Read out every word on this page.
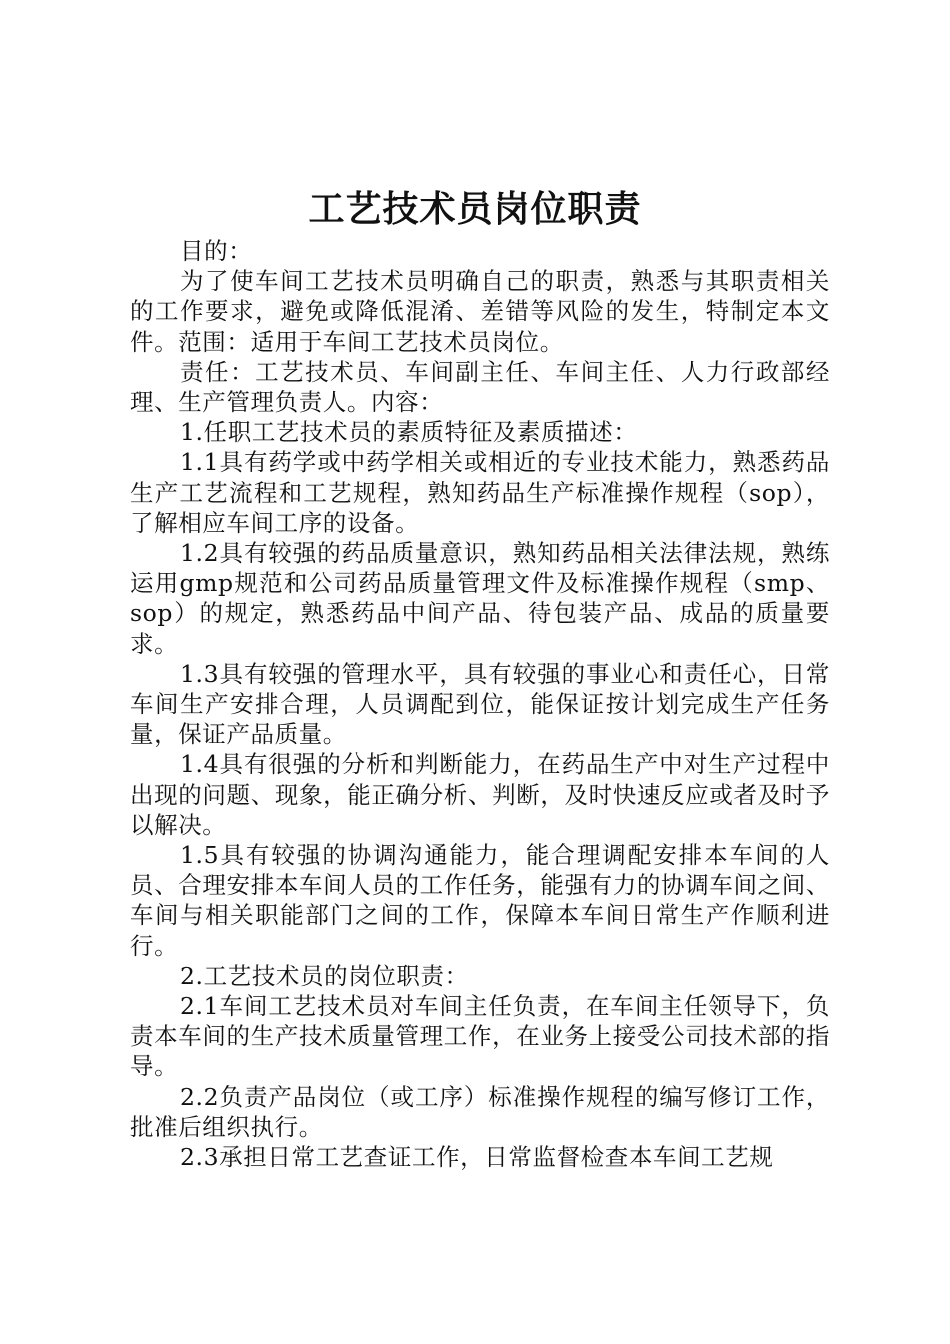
工艺技术员岗位职责

目的：

为了使车间工艺技术员明确自己的职责，熟悉与其职责相关的工作要求，避免或降低混淆、差错等风险的发生，特制定本文件。范围：适用于车间工艺技术员岗位。

责任：工艺技术员、车间副主任、车间主任、人力行政部经理、生产管理负责人。内容：

1.任职工艺技术员的素质特征及素质描述：

1.1具有药学或中药学相关或相近的专业技术能力，熟悉药品生产工艺流程和工艺规程，熟知药品生产标准操作规程（sop），了解相应车间工序的设备。

1.2具有较强的药品质量意识，熟知药品相关法律法规，熟练运用gmp规范和公司药品质量管理文件及标准操作规程（smp、sop）的规定，熟悉药品中间产品、待包装产品、成品的质量要求。

1.3具有较强的管理水平，具有较强的事业心和责任心，日常车间生产安排合理，人员调配到位，能保证按计划完成生产任务量，保证产品质量。

1.4具有很强的分析和判断能力，在药品生产中对生产过程中出现的问题、现象，能正确分析、判断，及时快速反应或者及时予以解决。

1.5具有较强的协调沟通能力，能合理调配安排本车间的人员、合理安排本车间人员的工作任务，能强有力的协调车间之间、车间与相关职能部门之间的工作，保障本车间日常生产作顺利进行。

2.工艺技术员的岗位职责：

2.1车间工艺技术员对车间主任负责，在车间主任领导下，负责本车间的生产技术质量管理工作，在业务上接受公司技术部的指导。

2.2负责产品岗位（或工序）标准操作规程的编写修订工作，批准后组织执行。

2.3承担日常工艺查证工作，日常监督检查本车间工艺规
